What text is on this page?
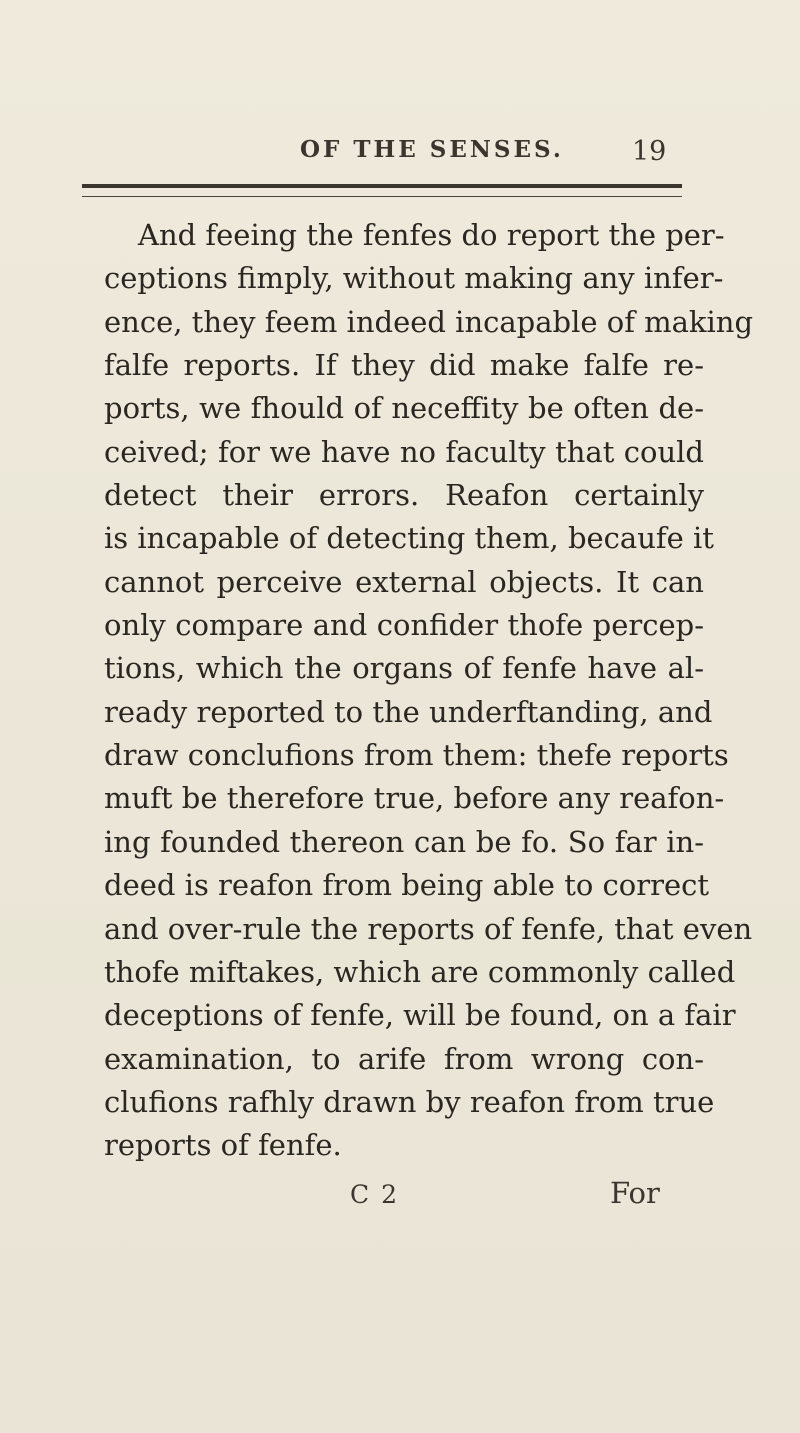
OF THE SENSES.	19
And feeing the fenfes do report the per-
ceptions fimply, without making any infer-
ence, they feem indeed incapable of making
falfe reports. If they did make falfe re-
ports, we fhould of neceffity be often de-
ceived; for we have no faculty that could
detect their errors. Reafon certainly
is incapable of detecting them, becaufe it
cannot perceive external objects. It can
only compare and confider thofe percep-
tions, which the organs of fenfe have al-
ready reported to the underftanding, and
draw conclufions from them: thefe reports
muft be therefore true, before any reafon-
ing founded thereon can be fo. So far in-
deed is reafon from being able to correct
and over-rule the reports of fenfe, that even
thofe miftakes, which are commonly called
deceptions of fenfe, will be found, on a fair
examination, to arife from wrong con-
clufions rafhly drawn by reafon from true
reports of fenfe.
C 2	For
